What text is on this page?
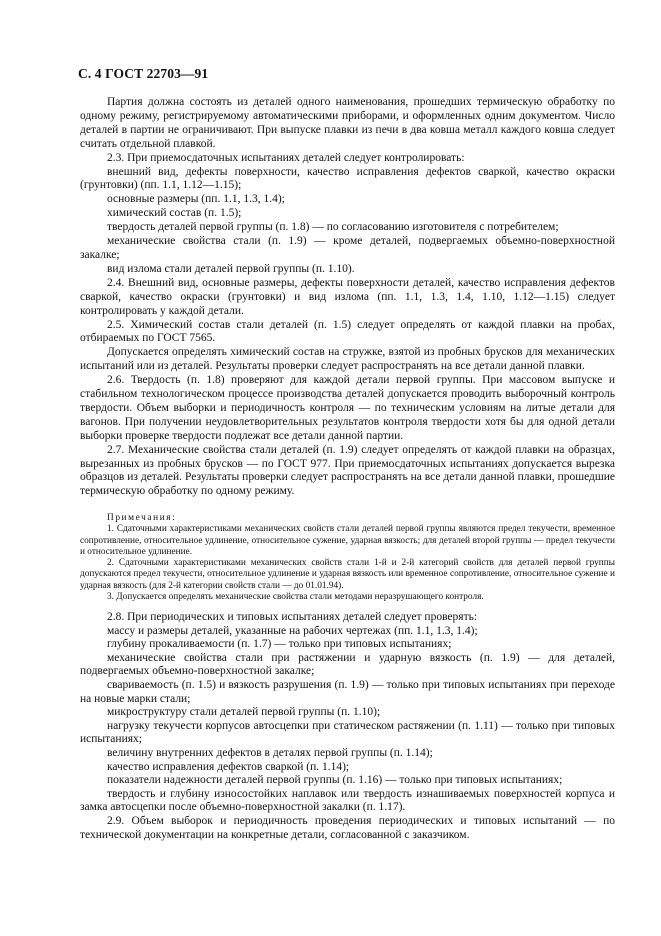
С. 4 ГОСТ 22703—91

Партия должна состоять из деталей одного наименования, прошедших термическую обработку по одному режиму, регистрируемому автоматическими приборами, и оформленных одним документом. Число деталей в партии не ограничивают. При выпуске плавки из печи в два ковша металл каждого ковша следует считать отдельной плавкой.

2.3. При приемосдаточных испытаниях деталей следует контролировать:

внешний вид, дефекты поверхности, качество исправления дефектов сваркой, качество окраски (грунтовки) (пп. 1.1, 1.12—1.15);

основные размеры (пп. 1.1, 1.3, 1.4);

химический состав (п. 1.5);

твердость деталей первой группы (п. 1.8) — по согласованию изготовителя с потребителем;

механические свойства стали (п. 1.9) — кроме деталей, подвергаемых объемно-поверхностной закалке;

вид излома стали деталей первой группы (п. 1.10).

2.4. Внешний вид, основные размеры, дефекты поверхности деталей, качество исправления дефектов сваркой, качество окраски (грунтовки) и вид излома (пп. 1.1, 1.3, 1.4, 1.10, 1.12—1.15) следует контролировать у каждой детали.

2.5. Химический состав стали деталей (п. 1.5) следует определять от каждой плавки на пробах, отбираемых по ГОСТ 7565.

Допускается определять химический состав на стружке, взятой из пробных брусков для механических испытаний или из деталей. Результаты проверки следует распространять на все детали данной плавки.

2.6. Твердость (п. 1.8) проверяют для каждой детали первой группы. При массовом выпуске и стабильном технологическом процессе производства деталей допускается проводить выборочный контроль твердости. Объем выборки и периодичность контроля — по техническим условиям на литые детали для вагонов. При получении неудовлетворительных результатов контроля твердости хотя бы для одной детали выборки проверке твердости подлежат все детали данной партии.

2.7. Механические свойства стали деталей (п. 1.9) следует определять от каждой плавки на образцах, вырезанных из пробных брусков — по ГОСТ 977. При приемосдаточных испытаниях допускается вырезка образцов из деталей. Результаты проверки следует распространять на все детали данной плавки, прошедшие термическую обработку по одному режиму.

Примечания:

1. Сдаточными характеристиками механических свойств стали деталей первой группы являются предел текучести, временное сопротивление, относительное удлинение, относительное сужение, ударная вязкость; для деталей второй группы — предел текучести и относительное удлинение.

2. Сдаточными характеристиками механических свойств стали 1-й и 2-й категорий свойств для деталей первой группы допускаются предел текучести, относительное удлинение и ударная вязкость или временное сопротивление, относительное сужение и ударная вязкость (для 2-й категории свойств стали — до 01.01.94).

3. Допускается определять механические свойства стали методами неразрушающего контроля.

2.8. При периодических и типовых испытаниях деталей следует проверять:

массу и размеры деталей, указанные на рабочих чертежах (пп. 1.1, 1.3, 1.4);

глубину прокаливаемости (п. 1.7) — только при типовых испытаниях;

механические свойства стали при растяжении и ударную вязкость (п. 1.9) — для деталей, подвергаемых объемно-поверхностной закалке;

свариваемость (п. 1.5) и вязкость разрушения (п. 1.9) — только при типовых испытаниях при переходе на новые марки стали;

микроструктуру стали деталей первой группы (п. 1.10);

нагрузку текучести корпусов автосцепки при статическом растяжении (п. 1.11) — только при типовых испытаниях;

величину внутренних дефектов в деталях первой группы (п. 1.14);

качество исправления дефектов сваркой (п. 1.14);

показатели надежности деталей первой группы (п. 1.16) — только при типовых испытаниях;

твердость и глубину износостойких наплавок или твердость изнашиваемых поверхностей корпуса и замка автосцепки после объемно-поверхностной закалки (п. 1.17).

2.9. Объем выборок и периодичность проведения периодических и типовых испытаний — по технической документации на конкретные детали, согласованной с заказчиком.
